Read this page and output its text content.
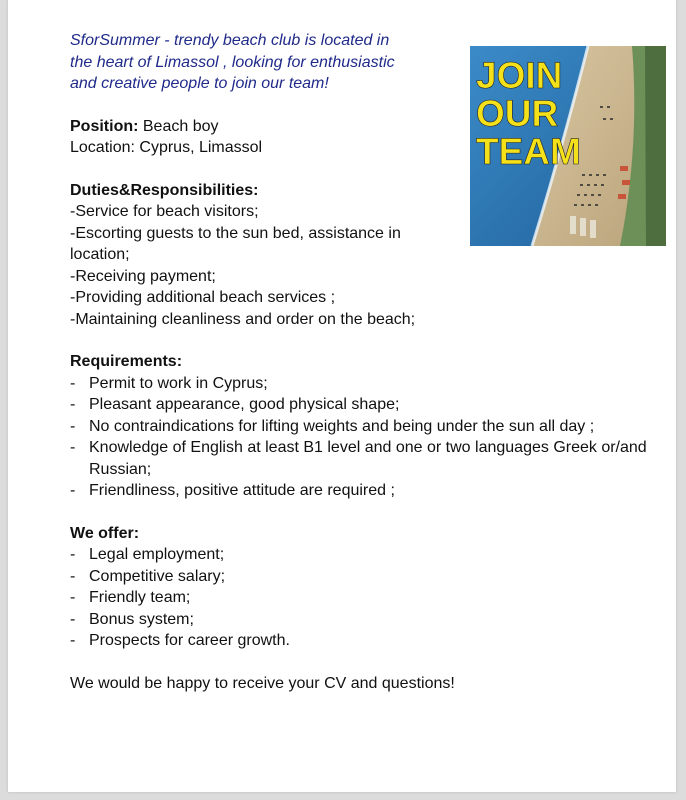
SforSummer - trendy beach club is located in
the heart of Limassol , looking for enthusiastic
and creative people to join our team!
Position: Beach boy
Location: Cyprus, Limassol
Duties&Responsibilities:
-Service for beach visitors;
-Escorting guests to the sun bed, assistance in
location;
-Receiving payment;
-Providing additional beach services ;
-Maintaining cleanliness and order on the beach;
Requirements:
- Permit to work in Cyprus;
- Pleasant appearance, good physical shape;
- No contraindications for lifting weights and being under the sun all day ;
- Knowledge of English at least B1 level and one or two languages Greek or/and Russian;
- Friendliness, positive attitude are required ;
We offer:
- Legal employment;
- Competitive salary;
- Friendly team;
- Bonus system;
- Prospects for career growth.
We would be happy to receive your CV and questions!
JOIN
OUR
TEAM
